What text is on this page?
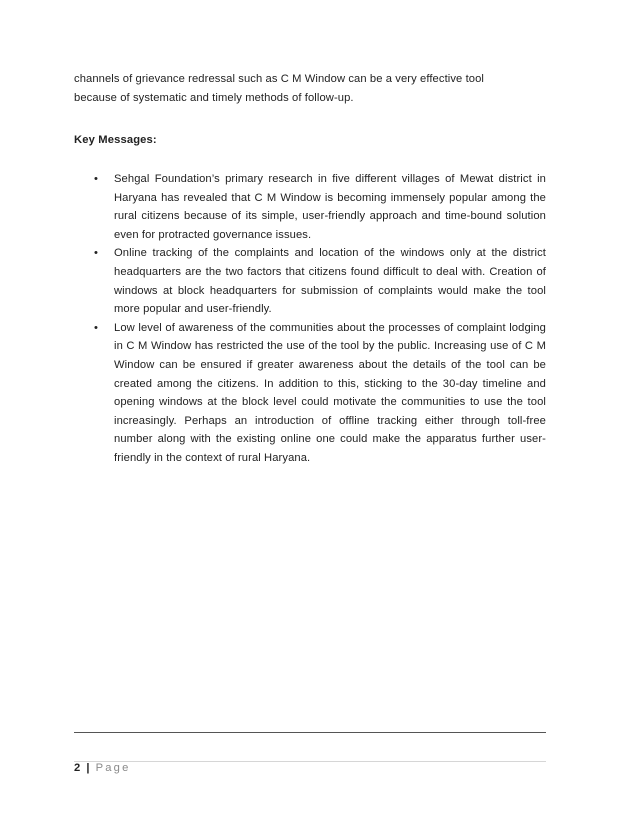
channels of grievance redressal such as C M Window can be a very effective tool

because of systematic and timely methods of follow-up.

Key Messages:
• Sehgal Foundation’s primary research in five different villages of Mewat district in Haryana has revealed that C M Window is becoming immensely popular among the rural citizens because of its simple, user-friendly approach and time-bound solution even for protracted governance issues.
• Online tracking of the complaints and location of the windows only at the district headquarters are the two factors that citizens found difficult to deal with. Creation of windows at block headquarters for submission of complaints would make the tool more popular and user-friendly.
• Low level of awareness of the communities about the processes of complaint lodging in C M Window has restricted the use of the tool by the public. Increasing use of C M Window can be ensured if greater awareness about the details of the tool can be created among the citizens. In addition to this, sticking to the 30-day timeline and opening windows at the block level could motivate the communities to use the tool increasingly. Perhaps an introduction of offline tracking either through toll-free number along with the existing online one could make the apparatus further user-friendly in the context of rural Haryana.
2 | Page
